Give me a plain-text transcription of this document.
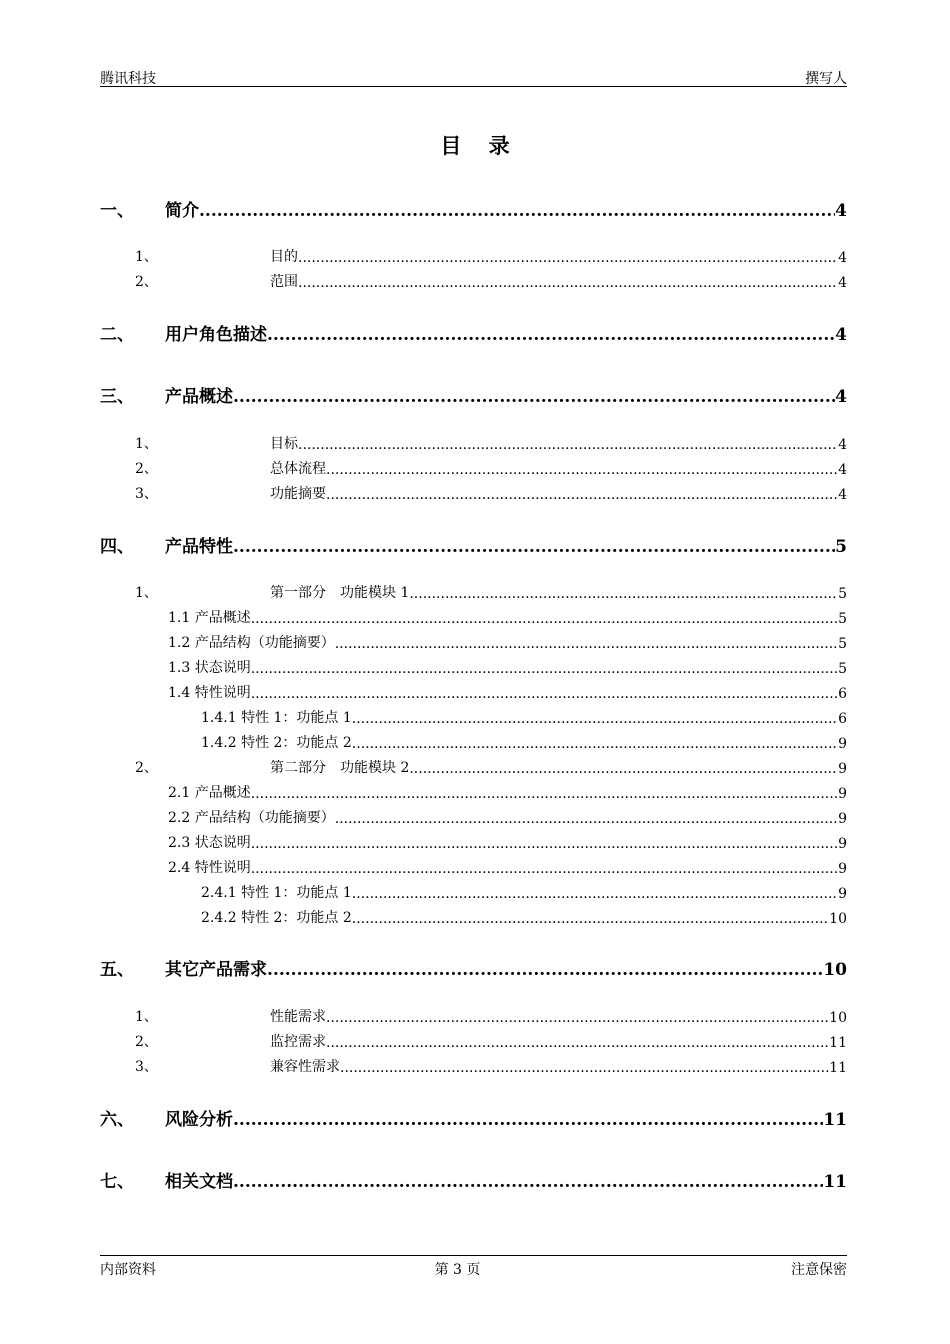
腾讯科技	撰写人
目 录
一、 简介 .....	4
1、	目的 .....	4
2、	范围 .....	4
二、 用户角色描述 .....	4
三、 产品概述 .....	4
1、	目标 .....	4
2、	总体流程 .....	4
3、	功能摘要 .....	4
四、 产品特性 .....	5
1、	第一部分　功能模块 1 .....	5
1.1 产品概述 .....	5
1.2 产品结构（功能摘要） .....	5
1.3 状态说明 .....	5
1.4 特性说明 .....	6
1.4.1 特性 1：功能点 1 .....	6
1.4.2 特性 2：功能点 2 .....	9
2、	第二部分　功能模块 2 .....	9
2.1 产品概述 .....	9
2.2 产品结构（功能摘要） .....	9
2.3 状态说明 .....	9
2.4 特性说明 .....	9
2.4.1 特性 1：功能点 1 .....	9
2.4.2 特性 2：功能点 2 .....	10
五、 其它产品需求 .....	10
1、	性能需求 .....	10
2、	监控需求 .....	11
3、	兼容性需求 .....	11
六、 风险分析 .....	11
七、 相关文档 .....	11
内部资料	第 3 页	注意保密
